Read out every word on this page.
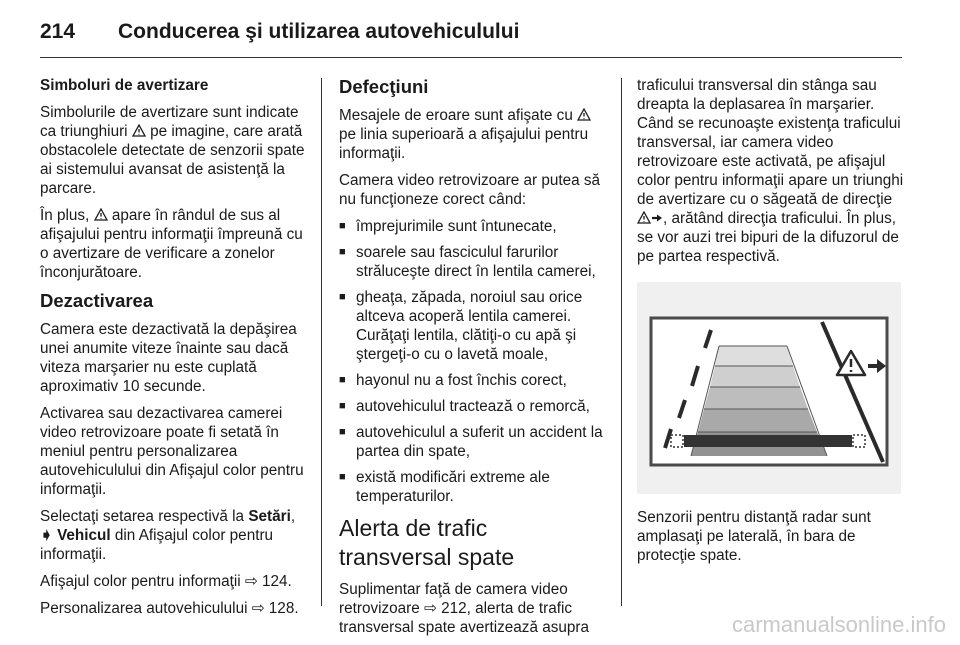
214 Conducerea şi utilizarea autovehiculului

Simboluri de avertizare

Simbolurile de avertizare sunt indicate ca triunghiuri  pe imagine, care arată obstacolele detectate de senzorii spate ai sistemului avansat de asistenţă la parcare.

În plus,  apare în rândul de sus al afişajului pentru informaţii împreună cu o avertizare de verificare a zonelor înconjurătoare.

Dezactivarea

Camera este dezactivată la depăşirea unei anumite viteze înainte sau dacă viteza marşarier nu este cuplată aproximativ 10 secunde.

Activarea sau dezactivarea camerei video retrovizoare poate fi setată în meniul pentru personalizarea autovehiculului din Afişajul color pentru informaţii.

Selectaţi setarea respectivă la Setări, ➧ Vehicul din Afişajul color pentru informaţii.

Afişajul color pentru informaţii ⇨ 124.

Personalizarea autovehiculului ⇨ 128.

Defecţiuni

Mesajele de eroare sunt afişate cu  pe linia superioară a afişajului pentru informaţii.

Camera video retrovizoare ar putea să nu funcţioneze corect când:

■ împrejurimile sunt întunecate,
■ soarele sau fasciculul farurilor străluceşte direct în lentila camerei,
■ gheaţa, zăpada, noroiul sau orice altceva acoperă lentila camerei. Curăţaţi lentila, clătiţi-o cu apă şi ştergeţi-o cu o lavetă moale,
■ hayonul nu a fost închis corect,
■ autovehiculul tractează o remorcă,
■ autovehiculul a suferit un accident la partea din spate,
■ există modificări extreme ale temperaturilor.

Alerta de trafic transversal spate

Suplimentar faţă de camera video retrovizoare ⇨ 212, alerta de trafic transversal spate avertizează asupra

traficului transversal din stânga sau dreapta la deplasarea în marşarier. Când se recunoaşte existenţa traficului transversal, iar camera video retrovizoare este activată, pe afişajul color pentru informaţii apare un triunghi de avertizare cu o săgeată de direcţie , arătând direcţia traficului. În plus, se vor auzi trei bipuri de la difuzorul de pe partea respectivă.

Senzorii pentru distanţă radar sunt amplasaţi pe laterală, în bara de protecţie spate.

carmanualsonline.info
